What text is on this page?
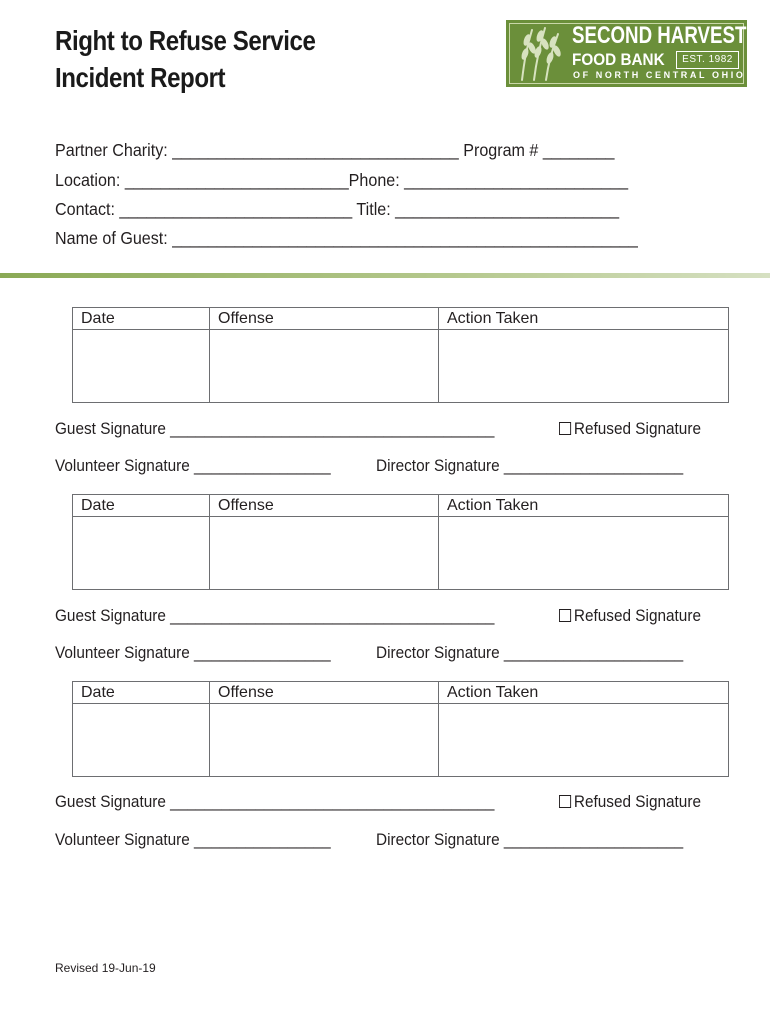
Right to Refuse Service
Incident Report
SECOND HARVEST
FOOD BANK	EST. 1982
OF NORTH CENTRAL OHIO
Partner Charity: ________________________________ Program # ________
Location: _________________________Phone: _________________________
Contact: __________________________ Title: _________________________
Name of Guest: ____________________________________________________
Date	Offense	Action Taken

Guest Signature ______________________________________	Refused Signature
Volunteer Signature ________________	Director Signature _____________________
Date	Offense	Action Taken

Guest Signature ______________________________________	Refused Signature
Volunteer Signature ________________	Director Signature _____________________
Date	Offense	Action Taken

Guest Signature ______________________________________	Refused Signature
Volunteer Signature ________________	Director Signature _____________________
Revised 19-Jun-19
